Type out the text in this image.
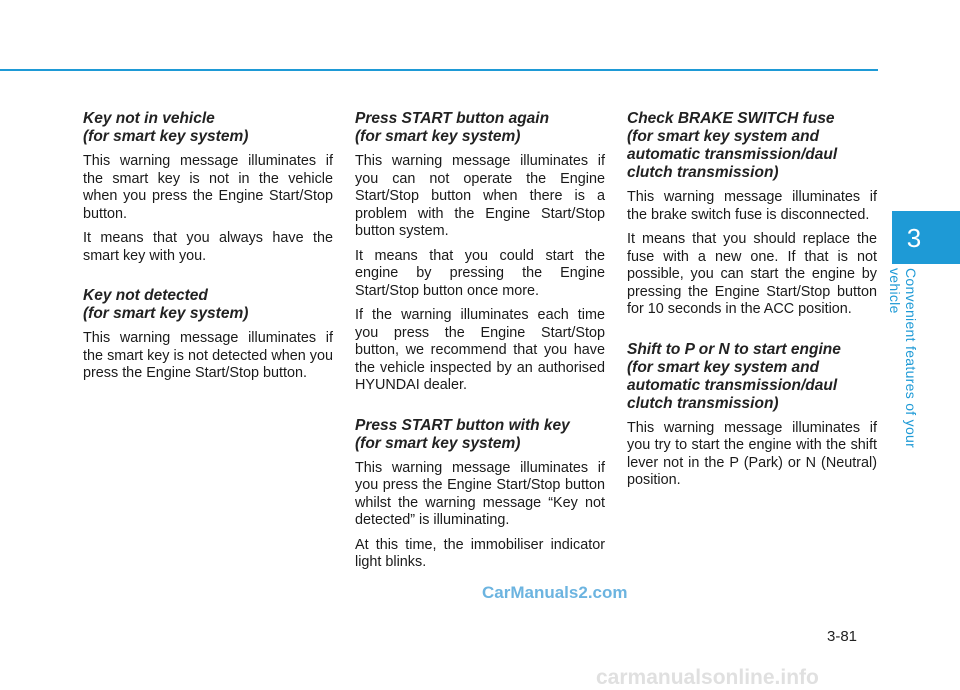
Key not in vehicle
(for smart key system)

This warning message illuminates if the smart key is not in the vehicle when you press the Engine Start/Stop button.

It means that you always have the smart key with you.

Key not detected
(for smart key system)

This warning message illuminates if the smart key is not detected when you press the Engine Start/Stop button.

Press START button again
(for smart key system)

This warning message illuminates if you can not operate the Engine Start/Stop button when there is a problem with the Engine Start/Stop button system.

It means that you could start the engine by pressing the Engine Start/Stop button once more.

If the warning illuminates each time you press the Engine Start/Stop button, we recommend that you have the vehicle inspected by an authorised HYUNDAI dealer.

Press START button with key
(for smart key system)

This warning message illuminates if you press the Engine Start/Stop button whilst the warning message “Key not detected” is illuminating.

At this time, the immobiliser indicator light blinks.

Check BRAKE SWITCH fuse
(for smart key system and automatic transmission/daul clutch transmission)

This warning message illuminates if the brake switch fuse is disconnected.

It means that you should replace the fuse with a new one. If that is not possible, you can start the engine by pressing the Engine Start/Stop button for 10 seconds in the ACC position.

Shift to P or N to start engine
(for smart key system and automatic transmission/daul clutch transmission)

This warning message illuminates if you try to start the engine with the shift lever not in the P (Park) or N (Neutral) position.

3
Convenient features of your vehicle
CarManuals2.com
3-81
carmanualsonline.info
